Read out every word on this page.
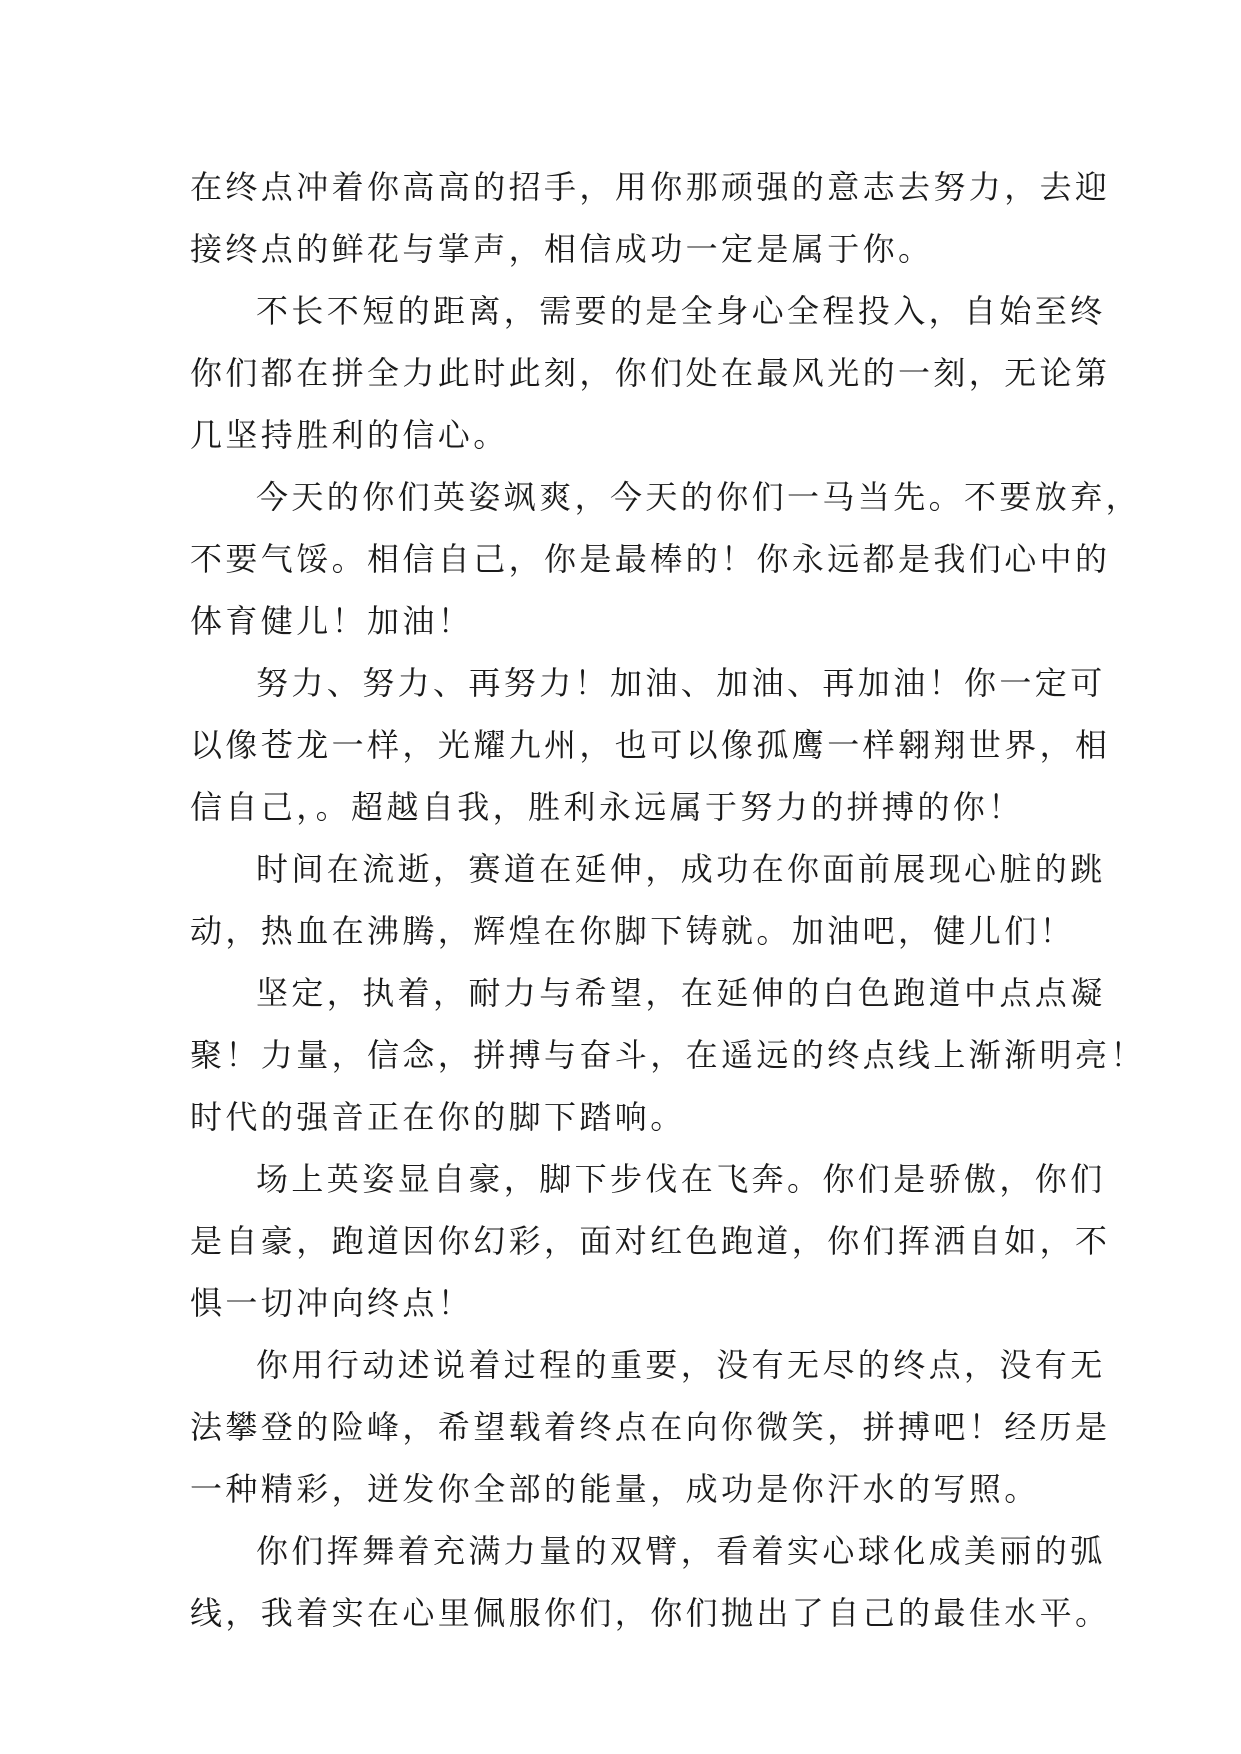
在终点冲着你高高的招手，用你那顽强的意志去努力，去迎
接终点的鲜花与掌声，相信成功一定是属于你。
不长不短的距离，需要的是全身心全程投入，自始至终
你们都在拼全力此时此刻，你们处在最风光的一刻，无论第
几坚持胜利的信心。
今天的你们英姿飒爽，今天的你们一马当先。不要放弃，
不要气馁。相信自己，你是最棒的！你永远都是我们心中的
体育健儿！加油！
努力、努力、再努力！加油、加油、再加油！你一定可
以像苍龙一样，光耀九州，也可以像孤鹰一样翱翔世界，相
信自己，。超越自我，胜利永远属于努力的拼搏的你！
时间在流逝，赛道在延伸，成功在你面前展现心脏的跳
动，热血在沸腾，辉煌在你脚下铸就。加油吧，健儿们！
坚定，执着，耐力与希望，在延伸的白色跑道中点点凝
聚！力量，信念，拼搏与奋斗，在遥远的终点线上渐渐明亮！
时代的强音正在你的脚下踏响。
场上英姿显自豪，脚下步伐在飞奔。你们是骄傲，你们
是自豪，跑道因你幻彩，面对红色跑道，你们挥洒自如，不
惧一切冲向终点！
你用行动述说着过程的重要，没有无尽的终点，没有无
法攀登的险峰，希望载着终点在向你微笑，拼搏吧！经历是
一种精彩，迸发你全部的能量，成功是你汗水的写照。
你们挥舞着充满力量的双臂，看着实心球化成美丽的弧
线，我着实在心里佩服你们，你们抛出了自己的最佳水平。
